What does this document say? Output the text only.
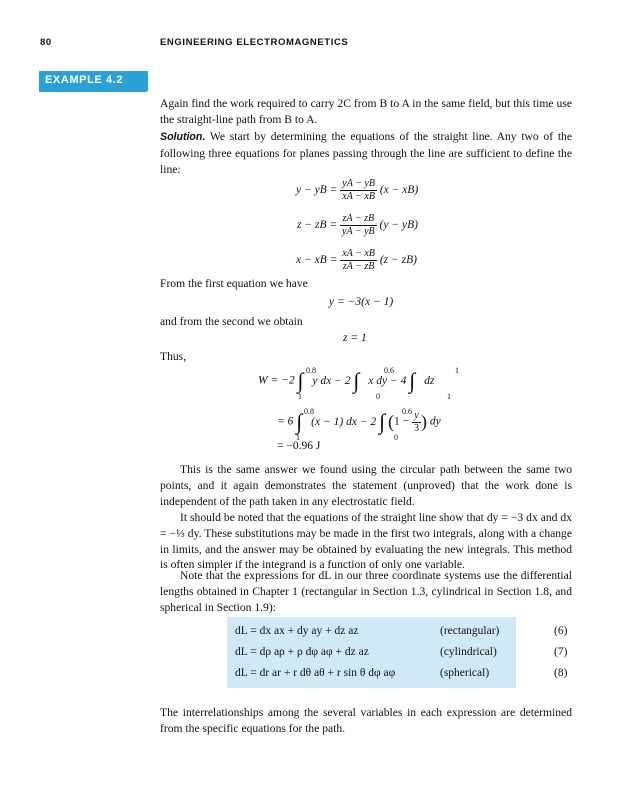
80	ENGINEERING ELECTROMAGNETICS
EXAMPLE 4.2
Again find the work required to carry 2C from B to A in the same field, but this time use the straight-line path from B to A.
Solution. We start by determining the equations of the straight line. Any two of the following three equations for planes passing through the line are sufficient to define the line:
y − yB = $\frac{yA - yB}{xA - xB} (x - xB)$
z − zB = $\frac{zA - zB}{yA - yB} (y - yB)$
x − xB = $\frac{xA - xB}{zA - zB} (z - zB)$
From the first equation we have
y = −3(x − 1)
and from the second we obtain
z = 1
Thus,
W = −2 ∫ y dx − 2 ∫ x dy − 4 ∫ dz
0.8
1
0.6
0
1
1
= 6 ∫ (x − 1) dx − 2 ∫ ($1 - \frac{y}{3}$ ) dy
0.8
1
0.6
0
= −0.96 J
This is the same answer we found using the circular path between the same two points, and it again demonstrates the statement (unproved) that the work done is independent of the path taken in any electrostatic field.
It should be noted that the equations of the straight line show that dy = −3 dx and dx = −⅓ dy. These substitutions may be made in the first two integrals, along with a change in limits, and the answer may be obtained by evaluating the new integrals. This method is often simpler if the integrand is a function of only one variable.
Note that the expressions for dL in our three coordinate systems use the differential lengths obtained in Chapter 1 (rectangular in Section 1.3, cylindrical in Section 1.8, and spherical in Section 1.9):
dL = dx ax + dy ay + dz az	(rectangular)	(6)
dL = dρ aρ + ρ dφ aφ + dz az	(cylindrical)	(7)
dL = dr ar + r dθ aθ + r sin θ dφ aφ	(spherical)	(8)
The interrelationships among the several variables in each expression are determined from the specific equations for the path.
